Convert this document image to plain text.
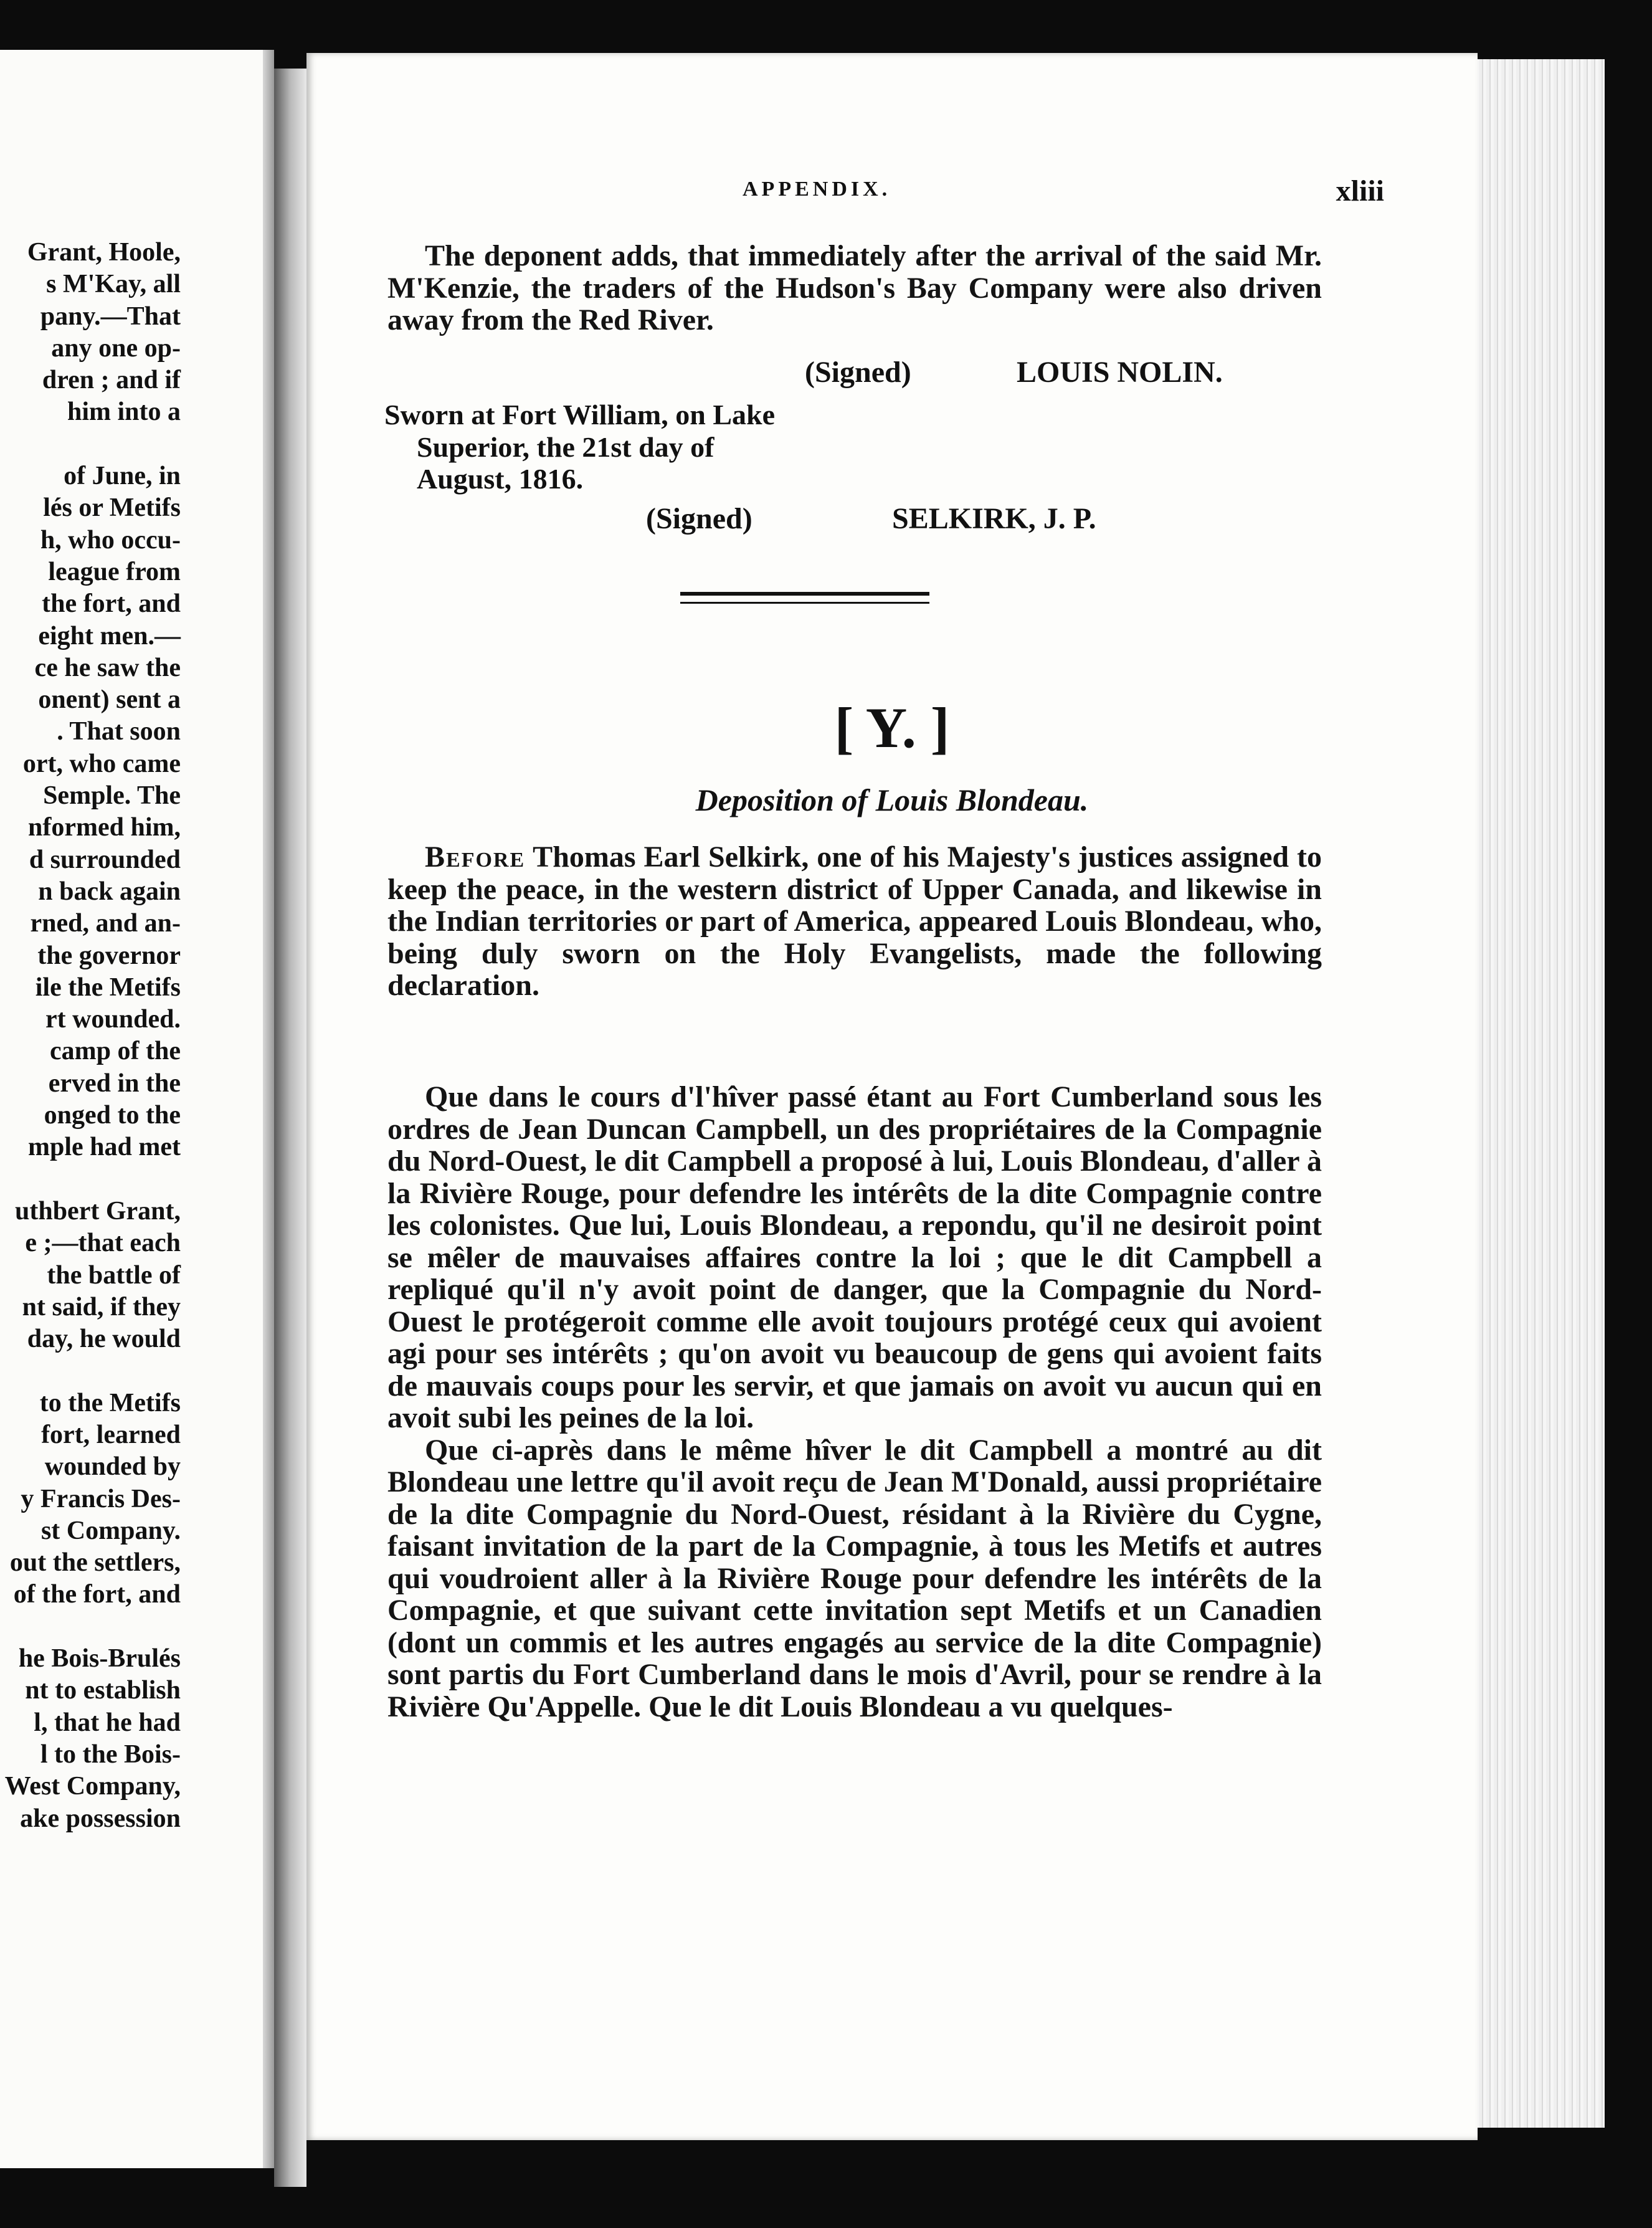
Grant, Hoole,
s M'Kay, all
pany.—That
any one op-
dren ; and if
him into a
of June, in
lés or Metifs
h, who occu-
league from
the fort, and
eight men.—
ce he saw the
onent) sent a
. That soon
ort, who came
Semple. The
nformed him,
d surrounded
n back again
rned, and an-
the governor
ile the Metifs
rt wounded.
camp of the
erved in the
onged to the
mple had met
uthbert Grant,
e ;—that each
the battle of
nt said, if they
day, he would
to the Metifs
fort, learned
wounded by
y Francis Des-
st Company.
out the settlers,
of the fort, and
he Bois-Brulés
nt to establish
l, that he had
l to the Bois-
West Company,
ake possession
APPENDIX.	xliii

The deponent adds, that immediately after the arrival of the said Mr. M'Kenzie, the traders of the Hudson's Bay Company were also driven away from the Red River.

(Signed)	LOUIS NOLIN.
Sworn at Fort William, on Lake
Superior, the 21st day of
August, 1816.
(Signed)	SELKIRK, J. P.
[ Y. ]
Deposition of Louis Blondeau.

Before Thomas Earl Selkirk, one of his Majesty's justices assigned to keep the peace, in the western district of Upper Canada, and likewise in the Indian territories or part of America, appeared Louis Blondeau, who, being duly sworn on the Holy Evangelists, made the following declaration.

Que dans le cours d'l'hîver passé étant au Fort Cumberland sous les ordres de Jean Duncan Campbell, un des propriétaires de la Compagnie du Nord-Ouest, le dit Campbell a proposé à lui, Louis Blondeau, d'aller à la Rivière Rouge, pour defendre les intérêts de la dite Compagnie contre les colonistes. Que lui, Louis Blondeau, a repondu, qu'il ne desiroit point se mêler de mauvaises affaires contre la loi ; que le dit Campbell a repliqué qu'il n'y avoit point de danger, que la Compagnie du Nord-Ouest le protégeroit comme elle avoit toujours protégé ceux qui avoient agi pour ses intérêts ; qu'on avoit vu beaucoup de gens qui avoient faits de mauvais coups pour les servir, et que jamais on avoit vu aucun qui en avoit subi les peines de la loi.

Que ci-après dans le même hîver le dit Campbell a montré au dit Blondeau une lettre qu'il avoit reçu de Jean M'Donald, aussi propriétaire de la dite Compagnie du Nord-Ouest, résidant à la Rivière du Cygne, faisant invitation de la part de la Compagnie, à tous les Metifs et autres qui voudroient aller à la Rivière Rouge pour defendre les intérêts de la Compagnie, et que suivant cette invitation sept Metifs et un Canadien (dont un commis et les autres engagés au service de la dite Compagnie) sont partis du Fort Cumberland dans le mois d'Avril, pour se rendre à la Rivière Qu'Appelle. Que le dit Louis Blondeau a vu quelques-
